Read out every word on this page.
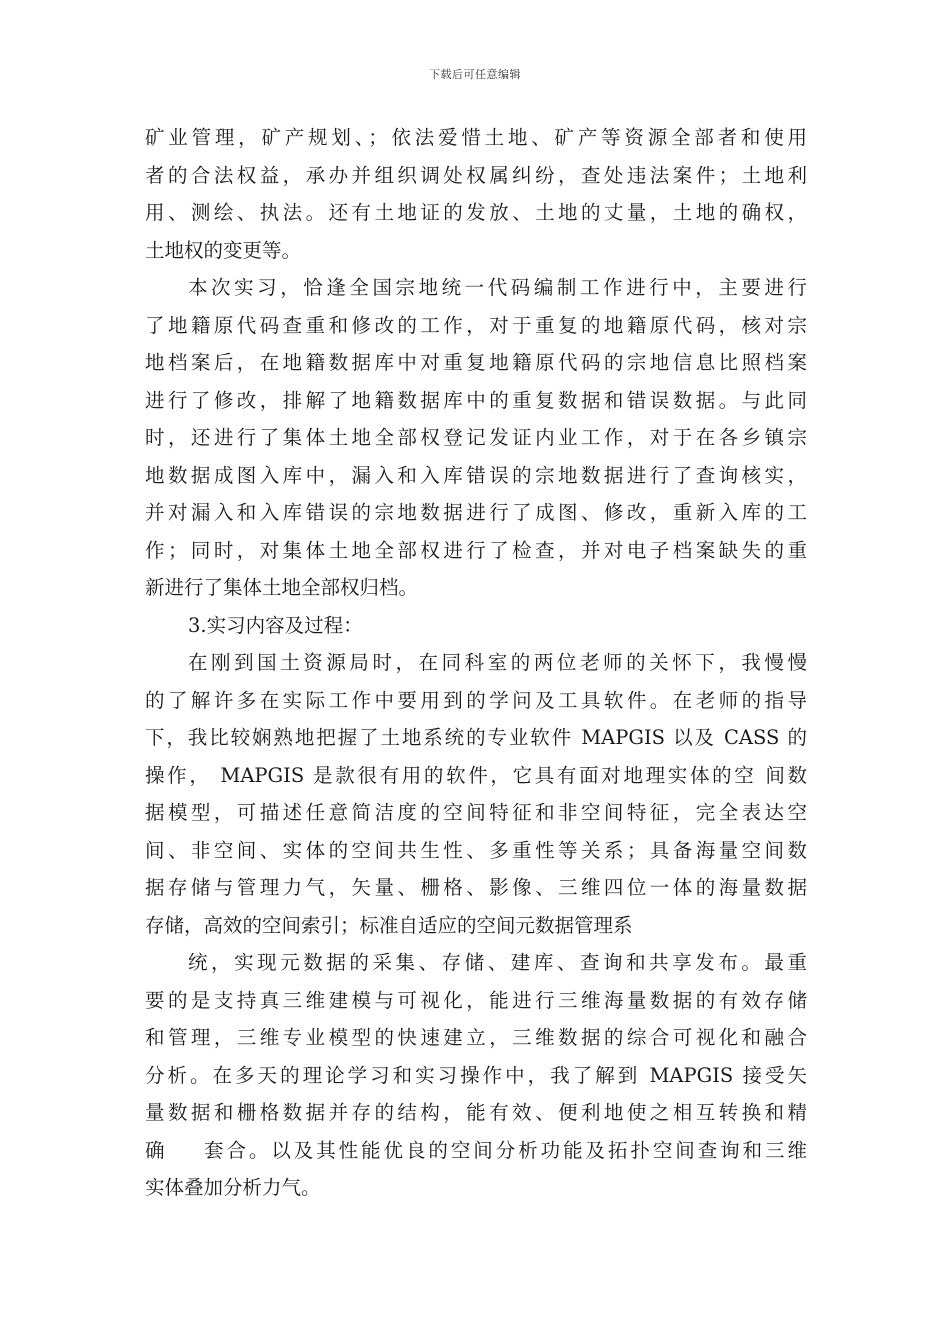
下载后可任意编辑
矿业管理，矿产规划、；依法爱惜土地、矿产等资源全部者和使用
者的合法权益，承办并组织调处权属纠纷，查处违法案件；土地利
用、测绘、执法。还有土地证的发放、土地的丈量，土地的确权，
土地权的变更等。
本次实习，恰逢全国宗地统一代码编制工作进行中，主要进行
了地籍原代码查重和修改的工作，对于重复的地籍原代码，核对宗
地档案后，在地籍数据库中对重复地籍原代码的宗地信息比照档案
进行了修改，排解了地籍数据库中的重复数据和错误数据。与此同
时，还进行了集体土地全部权登记发证内业工作，对于在各乡镇宗
地数据成图入库中，漏入和入库错误的宗地数据进行了查询核实，
并对漏入和入库错误的宗地数据进行了成图、修改，重新入库的工
作；同时，对集体土地全部权进行了检查，并对电子档案缺失的重
新进行了集体土地全部权归档。
3.实习内容及过程：
在刚到国土资源局时，在同科室的两位老师的关怀下，我慢慢
的了解许多在实际工作中要用到的学问及工具软件。在老师的指导
下，我比较娴熟地把握了土地系统的专业软件 MAPGIS 以及 CASS 的
操作， MAPGIS 是款很有用的软件，它具有面对地理实体的空 间数
据模型，可描述任意简洁度的空间特征和非空间特征，完全表达空
间、非空间、实体的空间共生性、多重性等关系；具备海量空间数
据存储与管理力气，矢量、栅格、影像、三维四位一体的海量数据
存储，高效的空间索引；标准自适应的空间元数据管理系
统，实现元数据的采集、存储、建库、查询和共享发布。最重
要的是支持真三维建模与可视化，能进行三维海量数据的有效存储
和管理，三维专业模型的快速建立，三维数据的综合可视化和融合
分析。在多天的理论学习和实习操作中，我了解到 MAPGIS 接受矢
量数据和栅格数据并存的结构，能有效、便利地使之相互转换和精
确    套合。以及其性能优良的空间分析功能及拓扑空间查询和三维
实体叠加分析力气。
